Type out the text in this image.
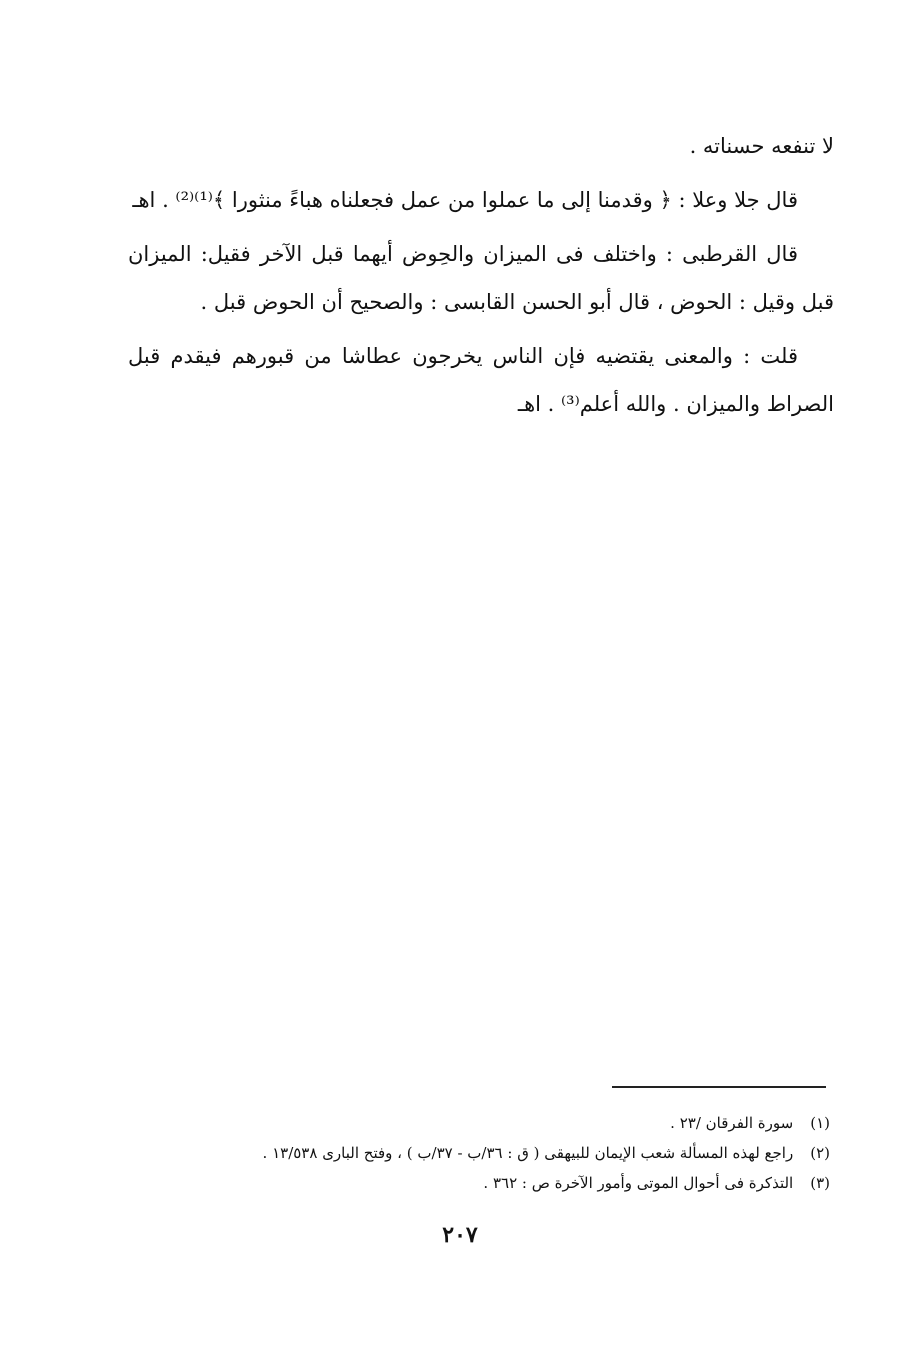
لا تنفعه حسناته .

قال جلا وعلا : ﴿ وقدمنا إلى ما عملوا من عمل فجعلناه هباءً منثورا ﴾⁽¹⁾⁽²⁾ . اهـ

قال القرطبى : واختلف فى الميزان والحِوض أيهما قبل الآخر فقيل: الميزان قبل وقيل : الحوض ، قال أبو الحسن القابسى : والصحيح أن الحوض قبل .

قلت : والمعنى يقتضيه فإن الناس يخرجون عطاشا من قبورهم فيقدم قبل الصراط والميزان . والله أعلم⁽³⁾ . اهـ

(١) سورة الفرقان /٢٣ .

(٢) راجع لهذه المسألة شعب الإيمان للبيهقى ( ق : ٣٦/ب - ٣٧/ب ) ، وفتح البارى ١٣/٥٣٨ .

(٣) التذكرة فى أحوال الموتى وأمور الآخرة ص : ٣٦٢ .

٢٠٧
